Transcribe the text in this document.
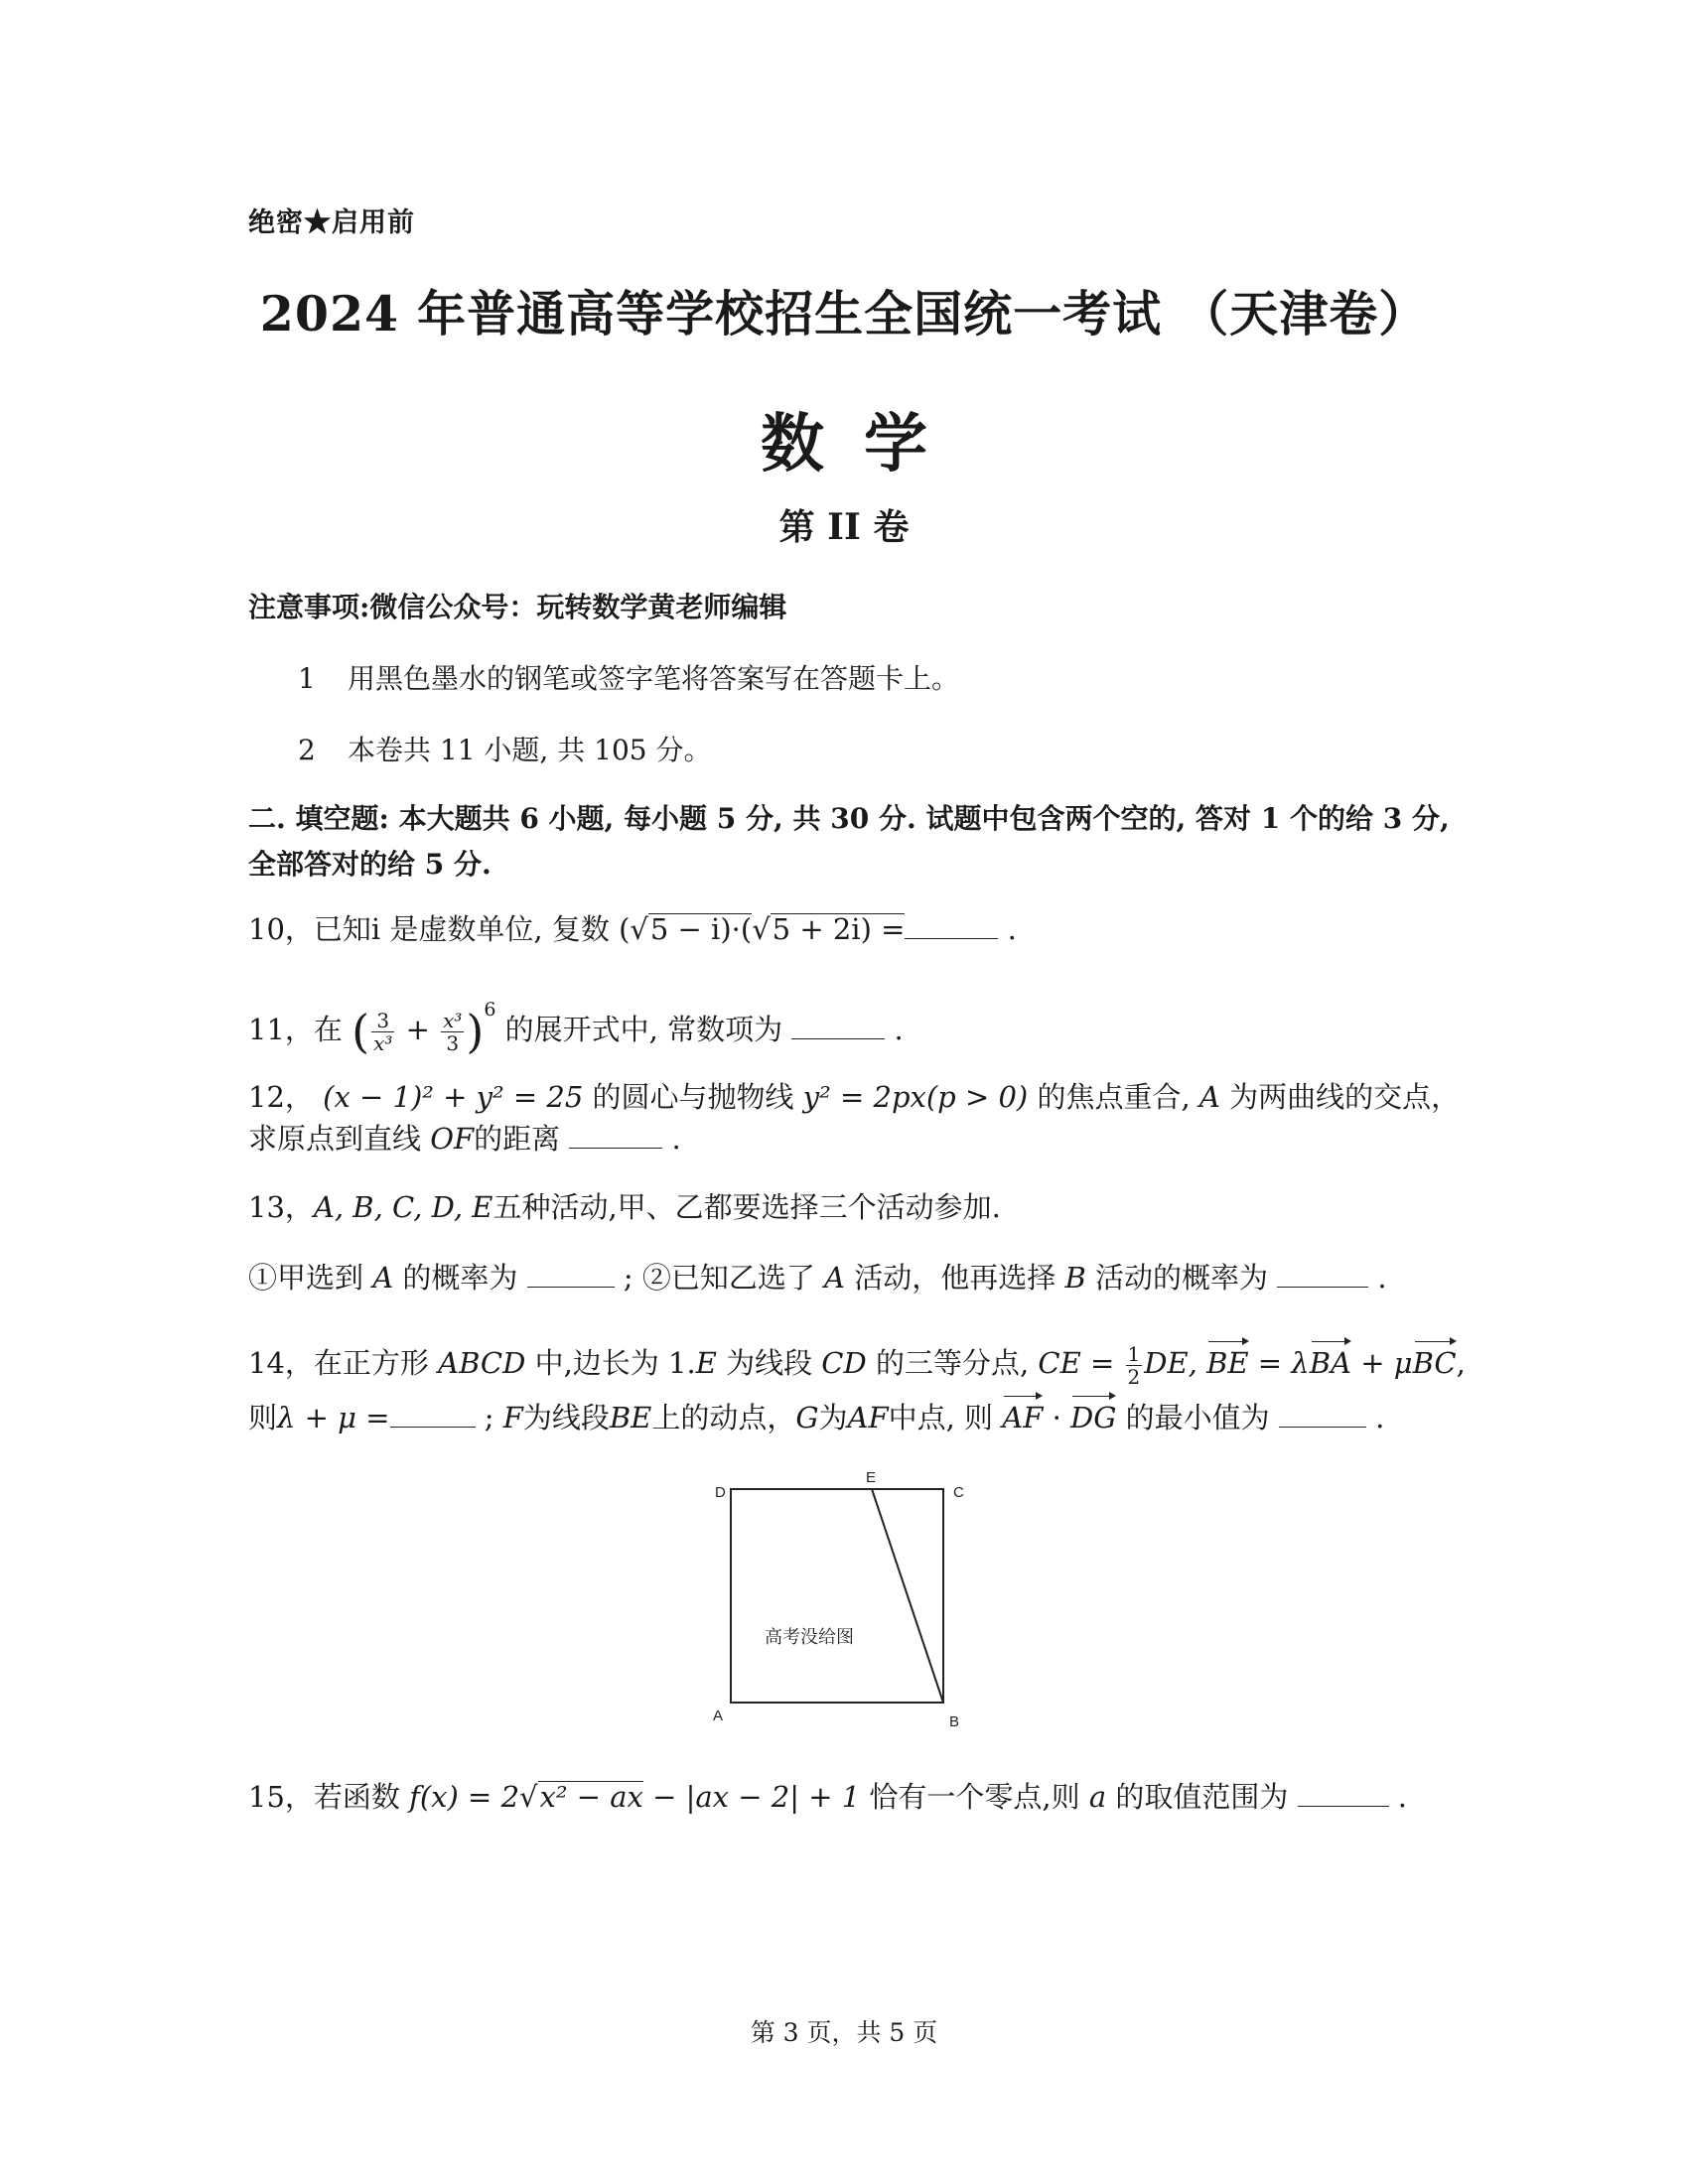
绝密★启用前
2024 年普通高等学校招生全国统一考试 （天津卷）
数学
第 II 卷
注意事项:微信公众号：玩转数学黄老师编辑
1 用黑色墨水的钢笔或签字笔将答案写在答题卡上。
2 本卷共 11 小题, 共 105 分。
二. 填空题: 本大题共 6 小题, 每小题 5 分, 共 30 分. 试题中包含两个空的, 答对 1 个的给 3 分, 全部答对的给 5 分.
10，已知i 是虚数单位, 复数 (√5 − i)·(√5 + 2i) =	.
11，在 ( $\frac{3}{\text{x³}} + \frac{\text{x³}}{3} )^6$ 的展开式中, 常数项为	.
12， (x − 1)² + y² = 25 的圆心与抛物线 y² = 2px(p > 0) 的焦点重合, A 为两曲线的交点，
求原点到直线 OF的距离	.
13，A, B, C, D, E五种活动,甲、乙都要选择三个活动参加.
①甲选到 A 的概率为	; ②已知乙选了 A 活动，他再选择 B 活动的概率为	.
14，在正方形 ABCD 中,边长为 1.E 为线段 CD 的三等分点, CE = $\frac{1}{2}$ DE, BE = λBA + μBC,
则λ + μ =	; F为线段BE上的动点，G为AF中点, 则 AF · DG 的最小值为	.
D
E
C
A	B
高考没给图
15，若函数 f(x) = 2√x² − ax − |ax − 2| + 1 恰有一个零点,则 a 的取值范围为	.
第 3 页，共 5 页
